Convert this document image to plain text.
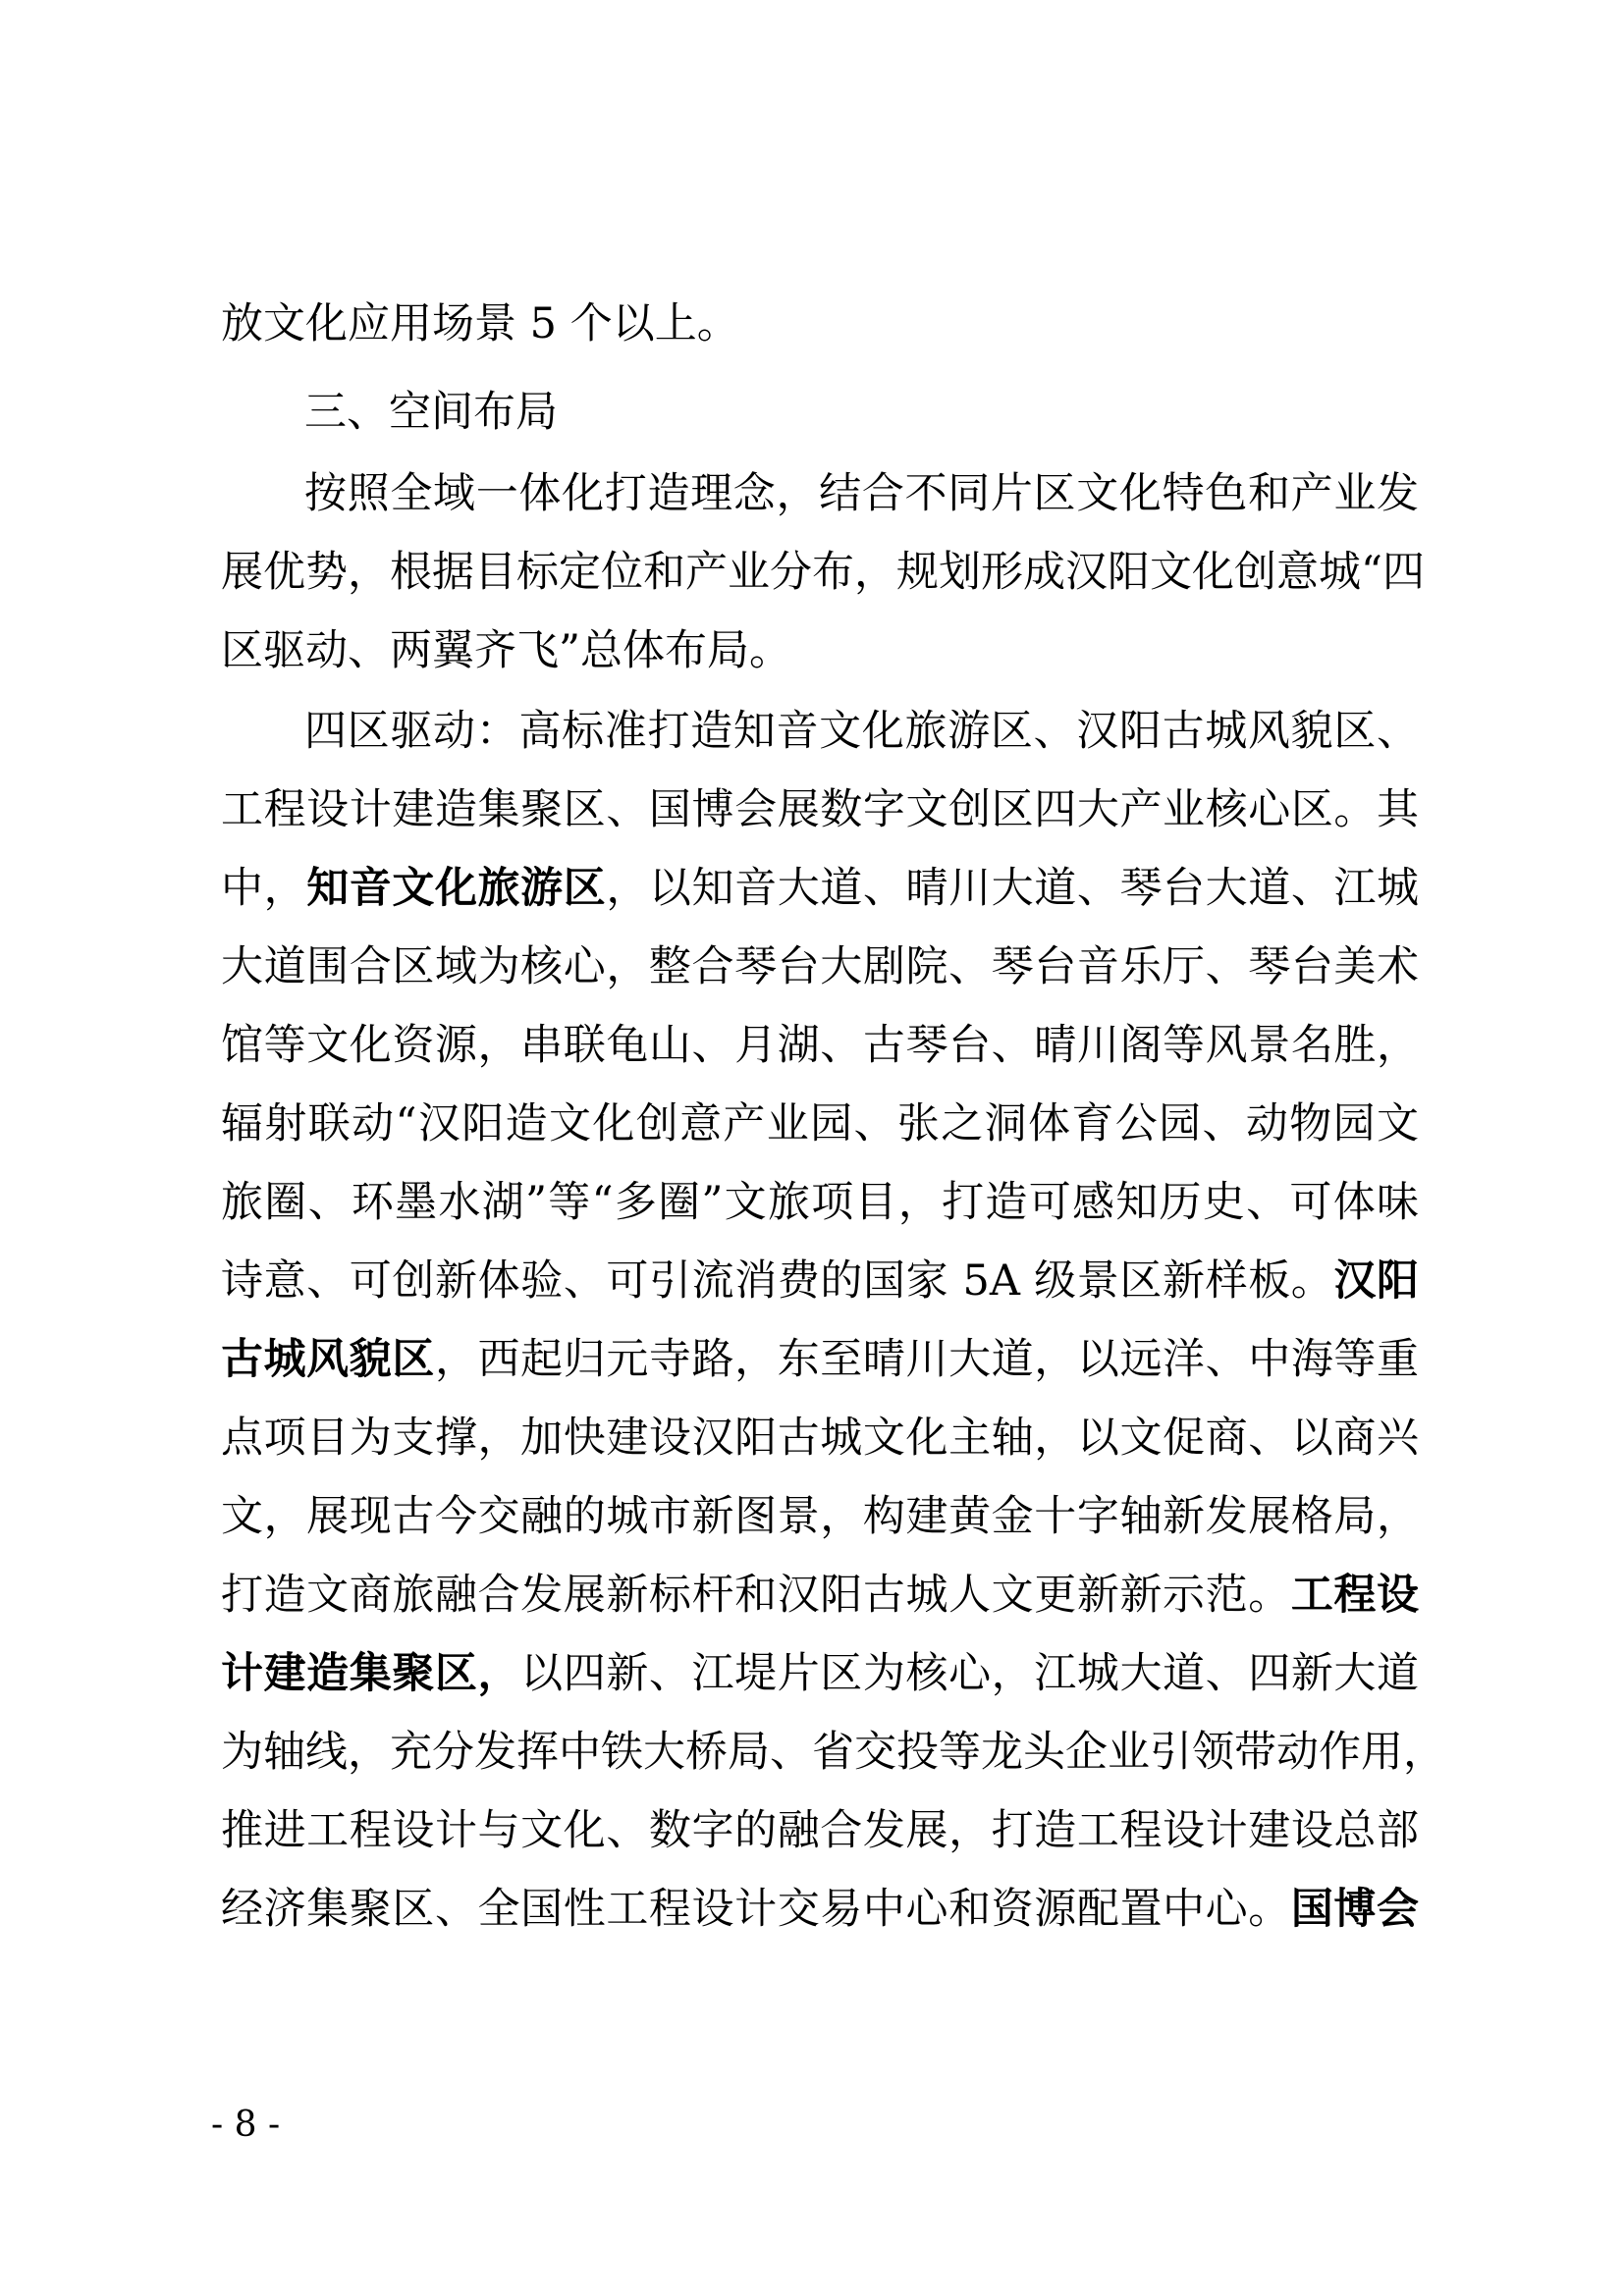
放文化应用场景 5 个以上。
三、空间布局
按照全域一体化打造理念，结合不同片区文化特色和产业发
展优势，根据目标定位和产业分布，规划形成汉阳文化创意城“四
区驱动、两翼齐飞”总体布局。
四区驱动：高标准打造知音文化旅游区、汉阳古城风貌区、
工程设计建造集聚区、国博会展数字文创区四大产业核心区。其
中，知音文化旅游区，以知音大道、晴川大道、琴台大道、江城
大道围合区域为核心，整合琴台大剧院、琴台音乐厅、琴台美术
馆等文化资源，串联龟山、月湖、古琴台、晴川阁等风景名胜，
辐射联动“汉阳造文化创意产业园、张之洞体育公园、动物园文
旅圈、环墨水湖”等“多圈”文旅项目，打造可感知历史、可体味
诗意、可创新体验、可引流消费的国家 5A 级景区新样板。汉阳
古城风貌区，西起归元寺路，东至晴川大道，以远洋、中海等重
点项目为支撑，加快建设汉阳古城文化主轴，以文促商、以商兴
文，展现古今交融的城市新图景，构建黄金十字轴新发展格局，
打造文商旅融合发展新标杆和汉阳古城人文更新新示范。工程设
计建造集聚区，以四新、江堤片区为核心，江城大道、四新大道
为轴线，充分发挥中铁大桥局、省交投等龙头企业引领带动作用，
推进工程设计与文化、数字的融合发展，打造工程设计建设总部
经济集聚区、全国性工程设计交易中心和资源配置中心。国博会
- 8 -
